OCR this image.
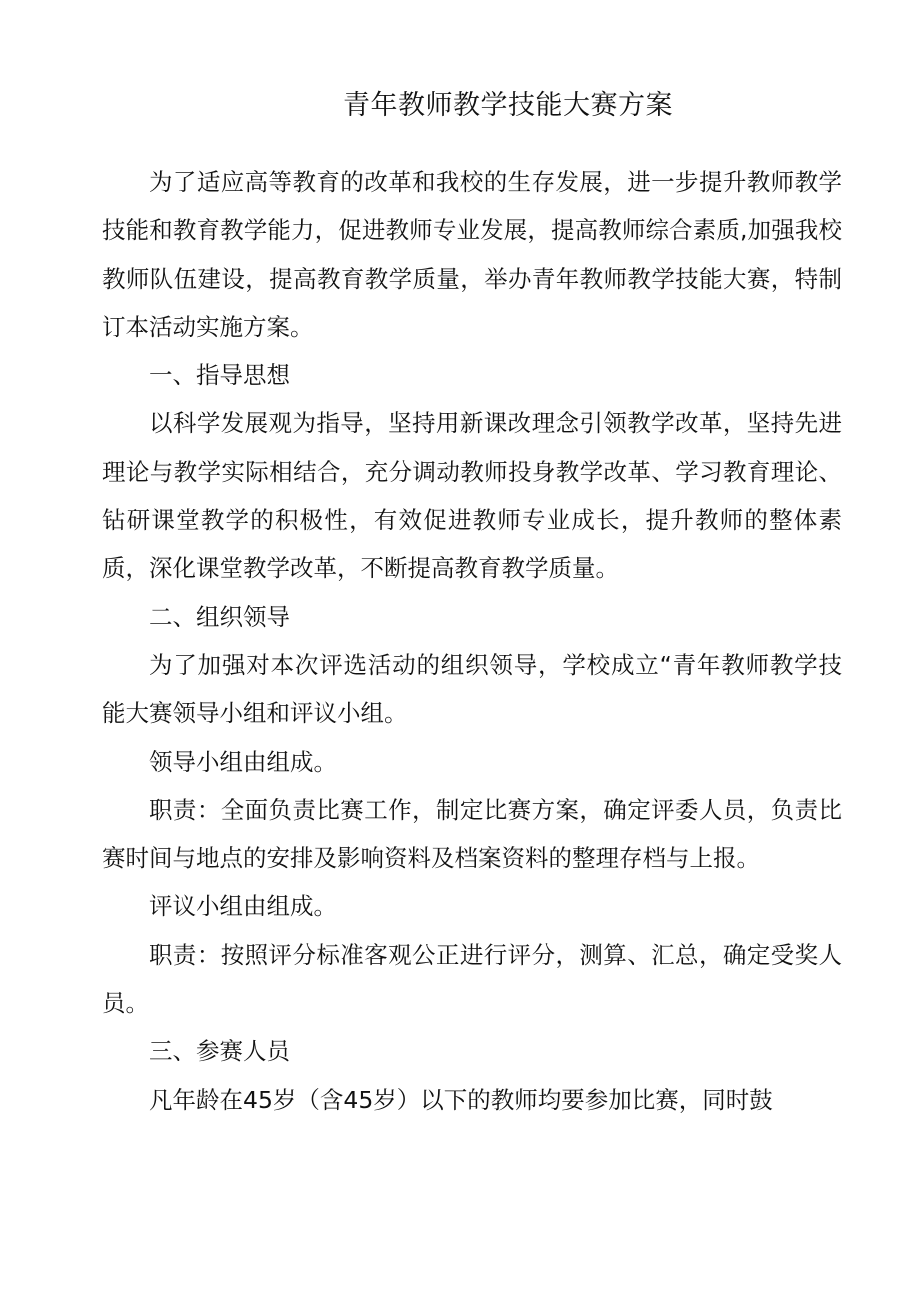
青年教师教学技能大赛方案

为了适应高等教育的改革和我校的生存发展，进一步提升教师教学技能和教育教学能力，促进教师专业发展，提高教师综合素质,加强我校教师队伍建设，提高教育教学质量，举办青年教师教学技能大赛，特制订本活动实施方案。

一、指导思想

以科学发展观为指导，坚持用新课改理念引领教学改革，坚持先进理论与教学实际相结合，充分调动教师投身教学改革、学习教育理论、钻研课堂教学的积极性，有效促进教师专业成长，提升教师的整体素质，深化课堂教学改革，不断提高教育教学质量。

二、组织领导

为了加强对本次评选活动的组织领导，学校成立“青年教师教学技能大赛领导小组和评议小组。

领导小组由组成。

职责：全面负责比赛工作，制定比赛方案，确定评委人员，负责比赛时间与地点的安排及影响资料及档案资料的整理存档与上报。

评议小组由组成。

职责：按照评分标准客观公正进行评分，测算、汇总，确定受奖人员。

三、参赛人员

凡年龄在45岁（含45岁）以下的教师均要参加比赛，同时鼓
